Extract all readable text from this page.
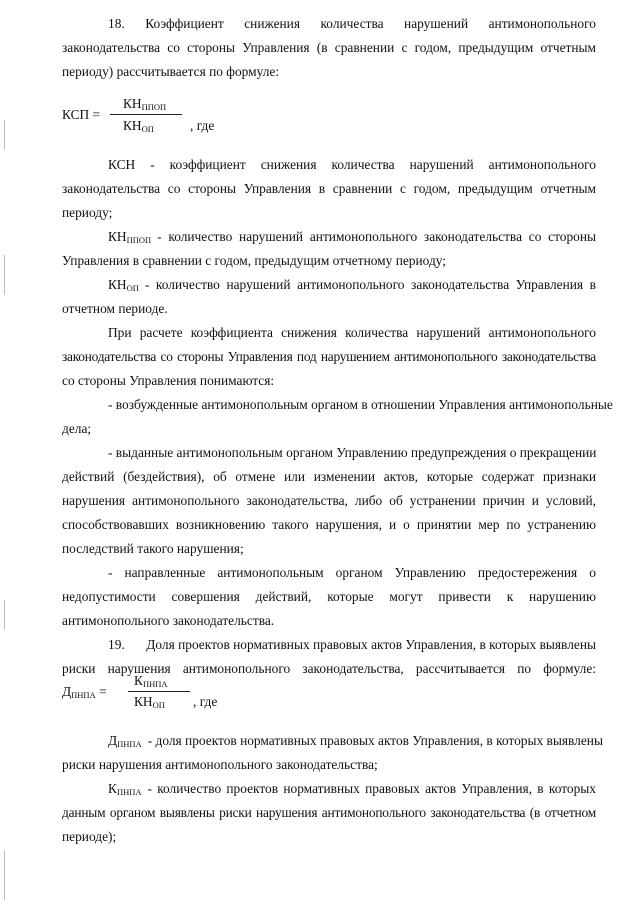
18. Коэффициент снижения количества нарушений антимонопольного
законодательства со стороны Управления (в сравнении с годом, предыдущим отчетным
периоду) рассчитывается по формуле:
КСП =
КНППОП
КНОП	, где
КСН - коэффициент снижения количества нарушений антимонопольного
законодательства со стороны Управления в сравнении с годом, предыдущим отчетным
периоду;
КНППОП - количество нарушений антимонопольного законодательства со стороны
Управления в сравнении с годом, предыдущим отчетному периоду;
КНОП - количество нарушений антимонопольного законодательства Управления в
отчетном периоде.
При расчете коэффициента снижения количества нарушений антимонопольного
законодательства со стороны Управления под нарушением антимонопольного законодательства
со стороны Управления понимаются:
- возбужденные антимонопольным органом в отношении Управления антимонопольные
дела;
- выданные антимонопольным органом Управлению предупреждения о прекращении
действий (бездействия), об отмене или изменении актов, которые содержат признаки
нарушения антимонопольного законодательства, либо об устранении причин и условий,
способствовавших возникновению такого нарушения, и о принятии мер по устранению
последствий такого нарушения;
- направленные антимонопольным органом Управлению предостережения о
недопустимости совершения действий, которые могут привести к нарушению
антимонопольного законодательства.
19.	Доля проектов нормативных правовых актов Управления, в которых выявлены
риски нарушения антимонопольного законодательства, рассчитывается по формуле:
ДПНПА =
КПНПА
КНОП , где
ДПНПА - доля проектов нормативных правовых актов Управления, в которых выявлены
риски нарушения антимонопольного законодательства;
КПНПА - количество проектов нормативных правовых актов Управления, в которых
данным органом выявлены риски нарушения антимонопольного законодательства (в отчетном
периоде);
